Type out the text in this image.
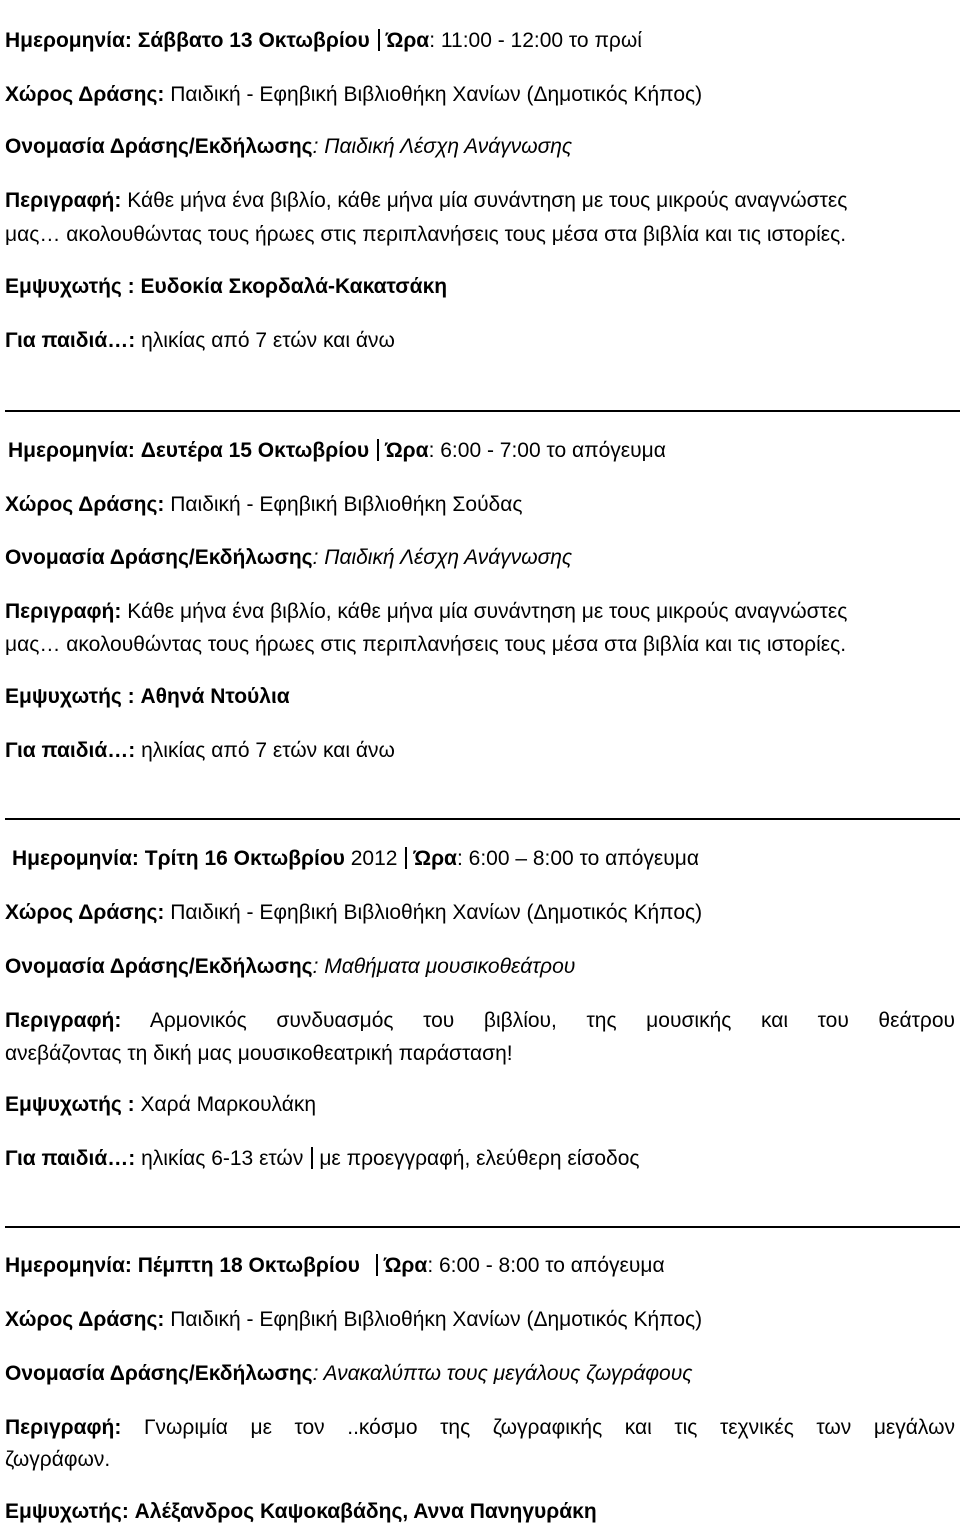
Ημερομηνία: Σάββατο 13 Οκτωβρίου Ώρα: 11:00 - 12:00 το πρωί
Χώρος Δράσης: Παιδική - Εφηβική Βιβλιοθήκη Χανίων (Δημοτικός Κήπος)
Ονομασία Δράσης/Εκδήλωσης: Παιδική Λέσχη Ανάγνωσης
Περιγραφή: Κάθε μήνα ένα βιβλίο, κάθε μήνα μία συνάντηση με τους μικρούς αναγνώστες
μας… ακολουθώντας τους ήρωες στις περιπλανήσεις τους μέσα στα βιβλία και τις ιστορίες.
Εμψυχωτής : Ευδοκία Σκορδαλά-Κακατσάκη
Για παιδιά…: ηλικίας από 7 ετών και άνω
Ημερομηνία: Δευτέρα 15 Οκτωβρίου Ώρα: 6:00 - 7:00 το απόγευμα
Χώρος Δράσης: Παιδική - Εφηβική Βιβλιοθήκη Σούδας
Ονομασία Δράσης/Εκδήλωσης: Παιδική Λέσχη Ανάγνωσης
Περιγραφή: Κάθε μήνα ένα βιβλίο, κάθε μήνα μία συνάντηση με τους μικρούς αναγνώστες
μας… ακολουθώντας τους ήρωες στις περιπλανήσεις τους μέσα στα βιβλία και τις ιστορίες.
Εμψυχωτής : Αθηνά Ντούλια
Για παιδιά…: ηλικίας από 7 ετών και άνω
Ημερομηνία: Τρίτη 16 Οκτωβρίου 2012 Ώρα: 6:00 – 8:00 το απόγευμα
Χώρος Δράσης: Παιδική - Εφηβική Βιβλιοθήκη Χανίων (Δημοτικός Κήπος)
Ονομασία Δράσης/Εκδήλωσης: Μαθήματα μουσικοθεάτρου
Περιγραφή: Αρμονικός συνδυασμός του βιβλίου, της μουσικής και του θεάτρου
ανεβάζοντας τη δική μας μουσικοθεατρική παράσταση!
Εμψυχωτής : Χαρά Μαρκουλάκη
Για παιδιά…: ηλικίας 6-13 ετών με προεγγραφή, ελεύθερη είσοδος
Ημερομηνία: Πέμπτη 18 Οκτωβρίου Ώρα: 6:00 - 8:00 το απόγευμα
Χώρος Δράσης: Παιδική - Εφηβική Βιβλιοθήκη Χανίων (Δημοτικός Κήπος)
Ονομασία Δράσης/Εκδήλωσης: Ανακαλύπτω τους μεγάλους ζωγράφους
Περιγραφή: Γνωριμία με τον ..κόσμο της ζωγραφικής και τις τεχνικές των μεγάλων
ζωγράφων.
Εμψυχωτής: Αλέξανδρος Καψοκαβάδης, Αννα Πανηγυράκη
